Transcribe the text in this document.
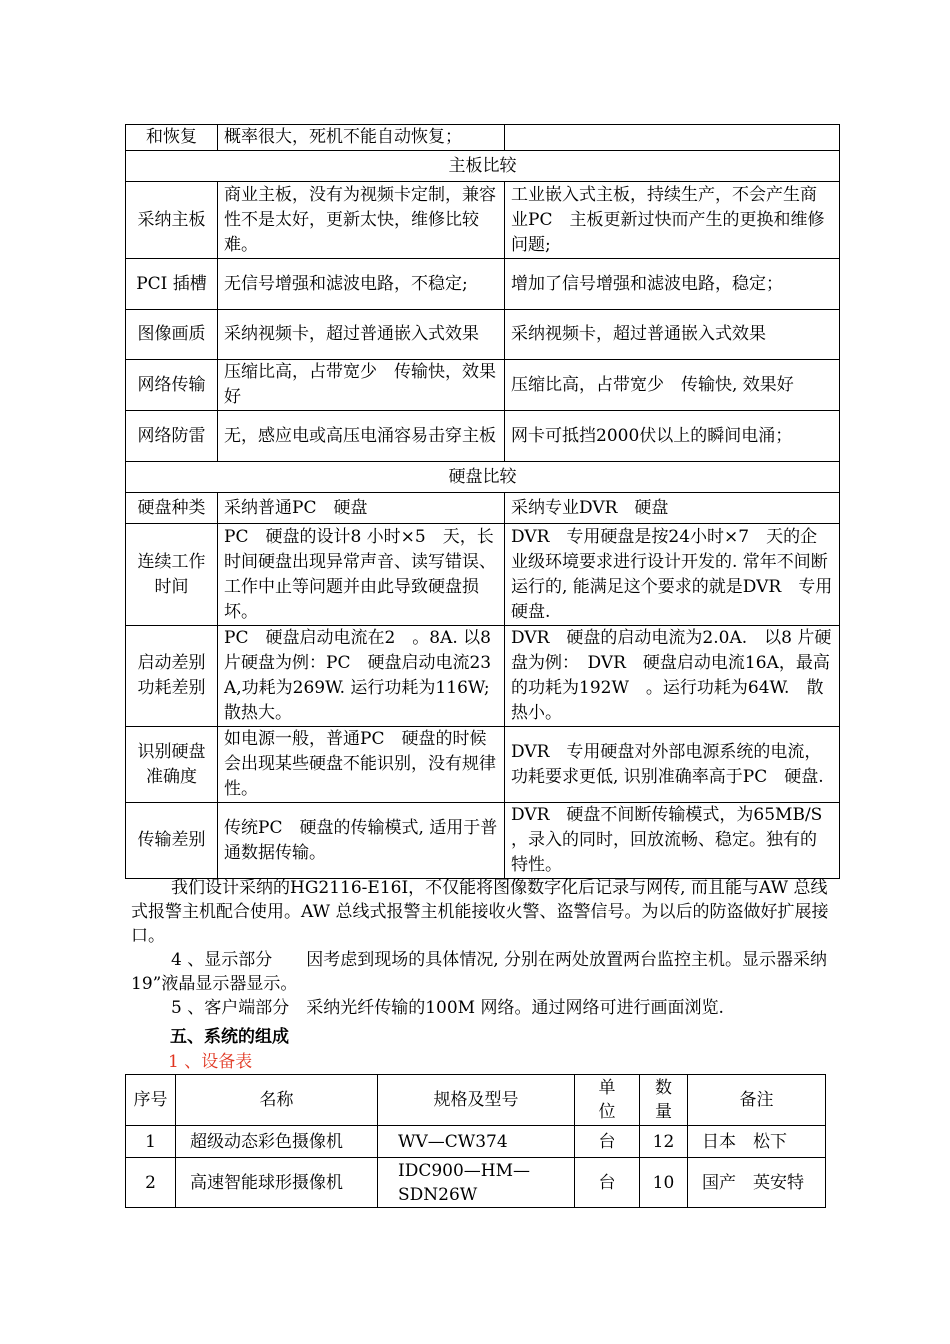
和恢复	概率很大，死机不能自动恢复；	
主板比较		
采纳主板	商业主板，没有为视频卡定制，兼容性不是太好，更新太快，维修比较难。	工业嵌入式主板，持续生产，不会产生商业PC　主板更新过快而产生的更换和维修问题;
PCI 插槽	无信号增强和滤波电路，不稳定;	增加了信号增强和滤波电路，稳定；
图像画质	采纳视频卡，超过普通嵌入式效果	采纳视频卡，超过普通嵌入式效果
网络传输	压缩比高，占带宽少　传输快，效果好	压缩比高，占带宽少　传输快, 效果好
网络防雷	无，感应电或高压电涌容易击穿主板	网卡可抵挡2000伏以上的瞬间电涌；
硬盘比较		
硬盘种类	采纳普通PC　硬盘	采纳专业DVR　硬盘
连续工作时间	PC　硬盘的设计8 小时×5　天，长时间硬盘出现异常声音、读写错误、工作中止等问题并由此导致硬盘损坏。	DVR　专用硬盘是按24小时×7　天的企业级环境要求进行设计开发的. 常年不间断运行的, 能满足这个要求的就是DVR　专用硬盘.
启动差别功耗差别	PC　硬盘启动电流在2　。8A. 以8 片硬盘为例：PC　硬盘启动电流23A,功耗为269W. 运行功耗为116W; 散热大。	DVR　硬盘的启动电流为2.0A.　以8 片硬盘为例：　DVR　硬盘启动电流16A，最高的功耗为192W　。运行功耗为64W.　散热小。
识别硬盘准确度	如电源一般，普通PC　硬盘的时候会出现某些硬盘不能识别，没有规律性。	DVR　专用硬盘对外部电源系统的电流，功耗要求更低, 识别准确率高于PC　硬盘.
传输差别	传统PC　硬盘的传输模式, 适用于普通数据传输。	DVR　硬盘不间断传输模式，为65MB/S　，录入的同时，回放流畅、稳定。独有的特性。

我们设计采纳的HG2116-E16I，不仅能将图像数字化后记录与网传, 而且能与AW 总线式报警主机配合使用。AW 总线式报警主机能接收火警、盗警信号。为以后的防盗做好扩展接口。

4 、显示部分　　因考虑到现场的具体情况, 分别在两处放置两台监控主机。显示器采纳19”液晶显示器显示。

5 、客户端部分　采纳光纤传输的100M 网络。通过网络可进行画面浏览.

五、系统的组成
1 、设备表
序号	名称	规格及型号	单位	数量	备注
1	超级动态彩色摄像机	WV—CW374	台	12	日本　松下
2	高速智能球形摄像机	IDC900—HM—SDN26W	台	10	国产　英安特
